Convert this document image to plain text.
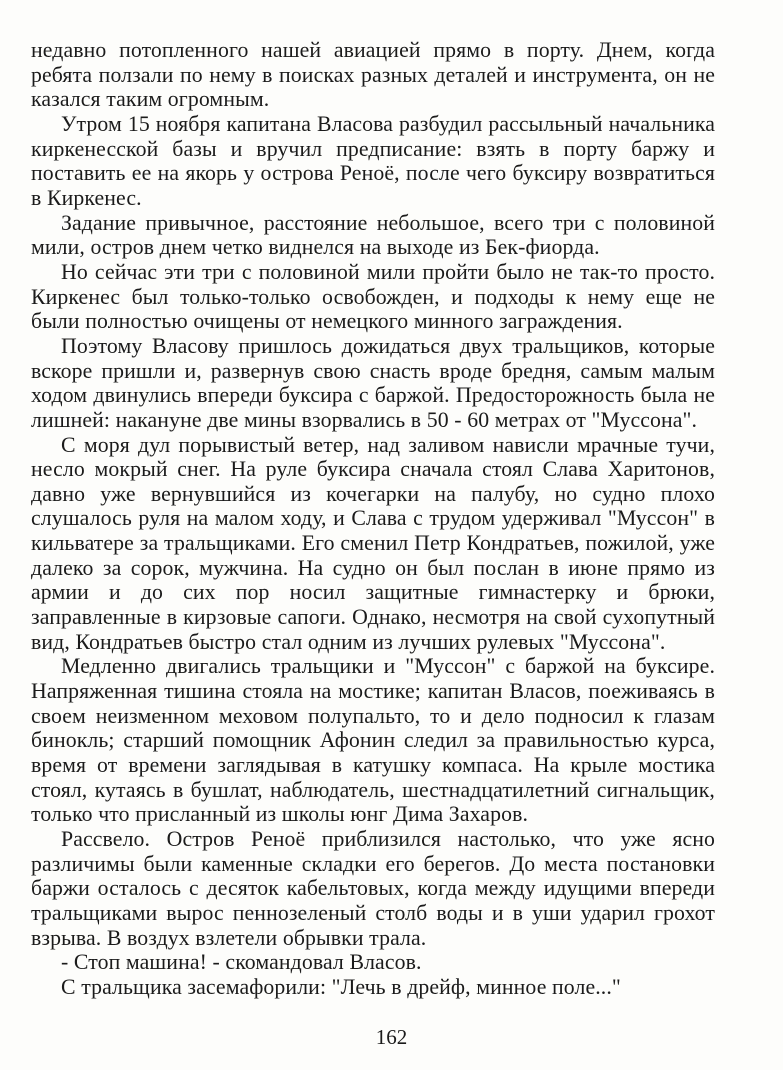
недавно потопленного нашей авиацией прямо в порту. Днем, когда ребята ползали по нему в поисках разных деталей и инструмента, он не казался таким огромным.

Утром 15 ноября капитана Власова разбудил рассыльный начальника киркенесской базы и вручил предписание: взять в порту баржу и поставить ее на якорь у острова Реноё, после чего буксиру возвратиться в Киркенес.

Задание привычное, расстояние небольшое, всего три с половиной мили, остров днем четко виднелся на выходе из Бек-фиорда.

Но сейчас эти три с половиной мили пройти было не так-то просто. Киркенес был только-только освобожден, и подходы к нему еще не были полностью очищены от немецкого минного заграждения.

Поэтому Власову пришлось дожидаться двух тральщиков, которые вскоре пришли и, развернув свою снасть вроде бредня, самым малым ходом двинулись впереди буксира с баржой. Предосторожность была не лишней: накануне две мины взорвались в 50 - 60 метрах от "Муссона".

С моря дул порывистый ветер, над заливом нависли мрачные тучи, несло мокрый снег. На руле буксира сначала стоял Слава Харитонов, давно уже вернувшийся из кочегарки на палубу, но судно плохо слушалось руля на малом ходу, и Слава с трудом удерживал "Муссон" в кильватере за тральщиками. Его сменил Петр Кондратьев, пожилой, уже далеко за сорок, мужчина. На судно он был послан в июне прямо из армии и до сих пор носил защитные гимнастерку и брюки, заправленные в кирзовые сапоги. Однако, несмотря на свой сухопутный вид, Кондратьев быстро стал одним из лучших рулевых "Муссона".

Медленно двигались тральщики и "Муссон" с баржой на буксире. Напряженная тишина стояла на мостике; капитан Власов, поеживаясь в своем неизменном меховом полупальто, то и дело подносил к глазам бинокль; старший помощник Афонин следил за правильностью курса, время от времени заглядывая в катушку компаса. На крыле мостика стоял, кутаясь в бушлат, наблюдатель, шестнадцатилетний сигнальщик, только что присланный из школы юнг Дима Захаров.

Рассвело. Остров Реноё приблизился настолько, что уже ясно различимы были каменные складки его берегов. До места постановки баржи осталось с десяток кабельтовых, когда между идущими впереди тральщиками вырос пеннозеленый столб воды и в уши ударил грохот взрыва. В воздух взлетели обрывки трала.

- Стоп машина! - скомандовал Власов.

С тральщика засемафорили: "Лечь в дрейф, минное поле..."

162
